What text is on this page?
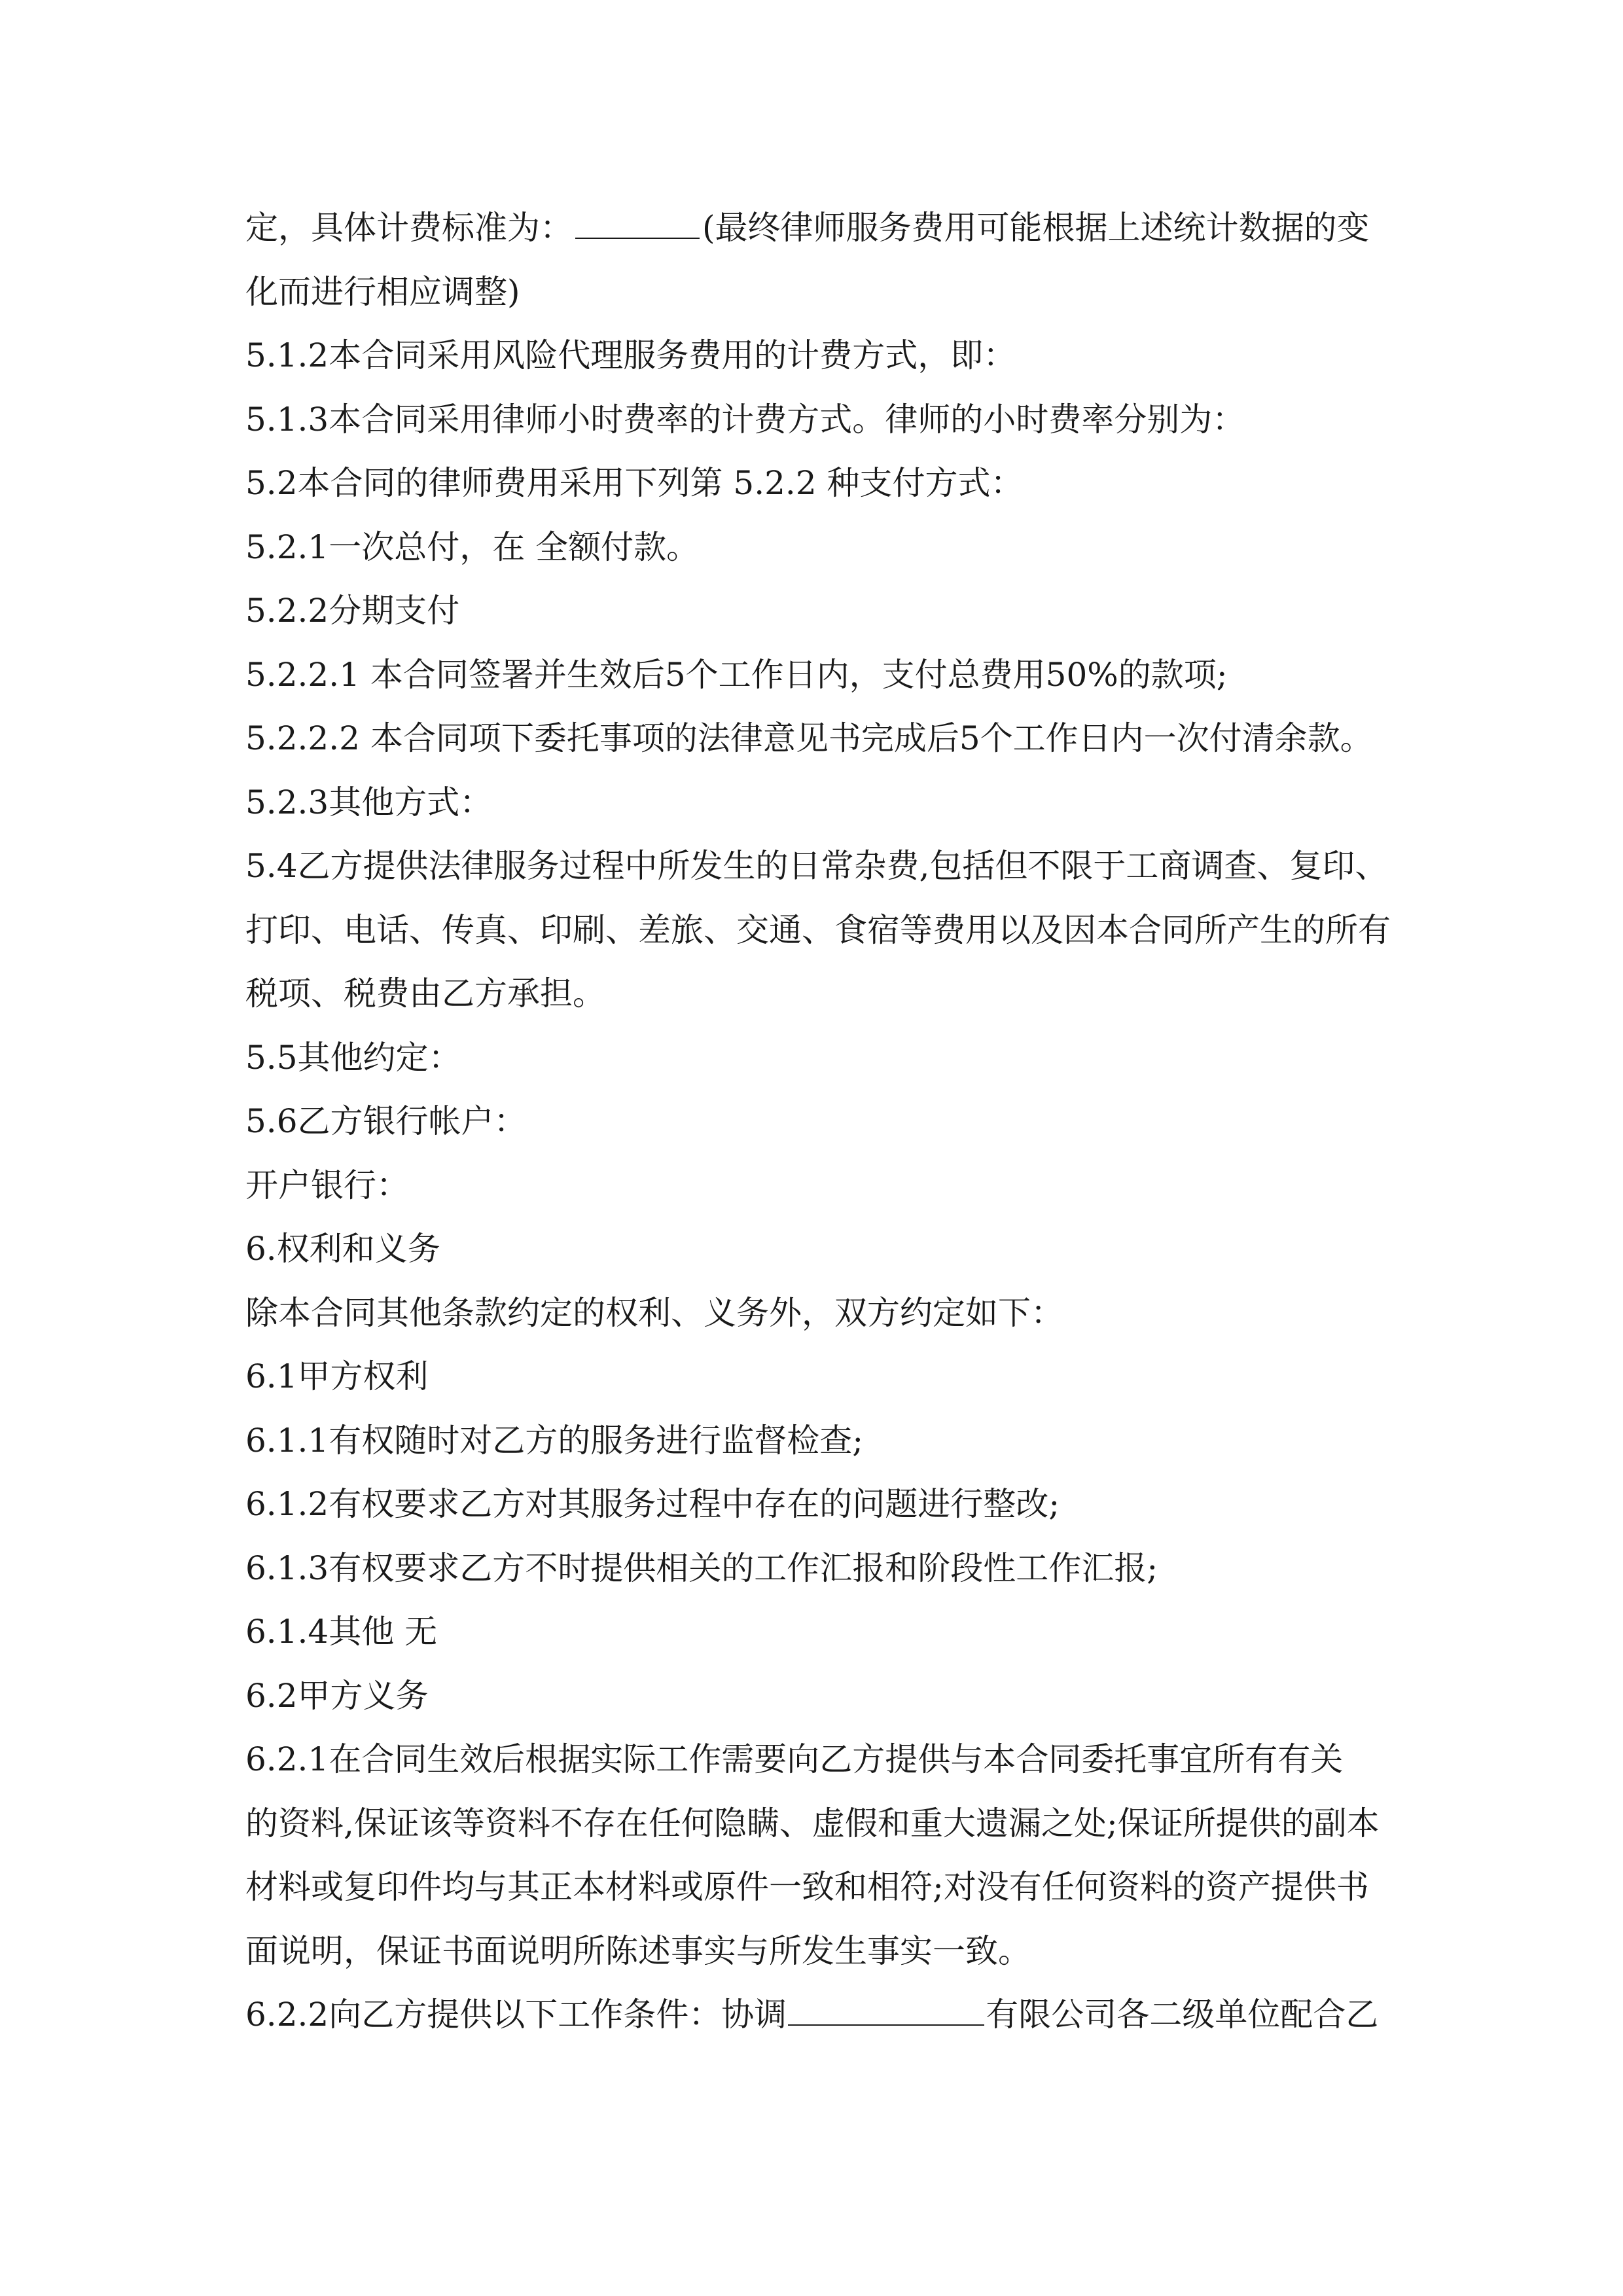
定，具体计费标准为：	(最终律师服务费用可能根据上述统计数据的变

化而进行相应调整)

5.1.2本合同采用风险代理服务费用的计费方式，即：

5.1.3本合同采用律师小时费率的计费方式。律师的小时费率分别为：

5.2本合同的律师费用采用下列第 5.2.2 种支付方式：

5.2.1一次总付，在 全额付款。

5.2.2分期支付

5.2.2.1 本合同签署并生效后5个工作日内，支付总费用50%的款项;

5.2.2.2 本合同项下委托事项的法律意见书完成后5个工作日内一次付清余款。

5.2.3其他方式：

5.4乙方提供法律服务过程中所发生的日常杂费,包括但不限于工商调查、复印、

打印、电话、传真、印刷、差旅、交通、食宿等费用以及因本合同所产生的所有

税项、税费由乙方承担。

5.5其他约定：

5.6乙方银行帐户：

开户银行：

6.权利和义务

除本合同其他条款约定的权利、义务外，双方约定如下：

6.1甲方权利

6.1.1有权随时对乙方的服务进行监督检查;

6.1.2有权要求乙方对其服务过程中存在的问题进行整改;

6.1.3有权要求乙方不时提供相关的工作汇报和阶段性工作汇报;

6.1.4其他 无

6.2甲方义务

6.2.1在合同生效后根据实际工作需要向乙方提供与本合同委托事宜所有有关

的资料,保证该等资料不存在任何隐瞒、虚假和重大遗漏之处;保证所提供的副本

材料或复印件均与其正本材料或原件一致和相符;对没有任何资料的资产提供书

面说明，保证书面说明所陈述事实与所发生事实一致。

6.2.2向乙方提供以下工作条件：协调	有限公司各二级单位配合乙
